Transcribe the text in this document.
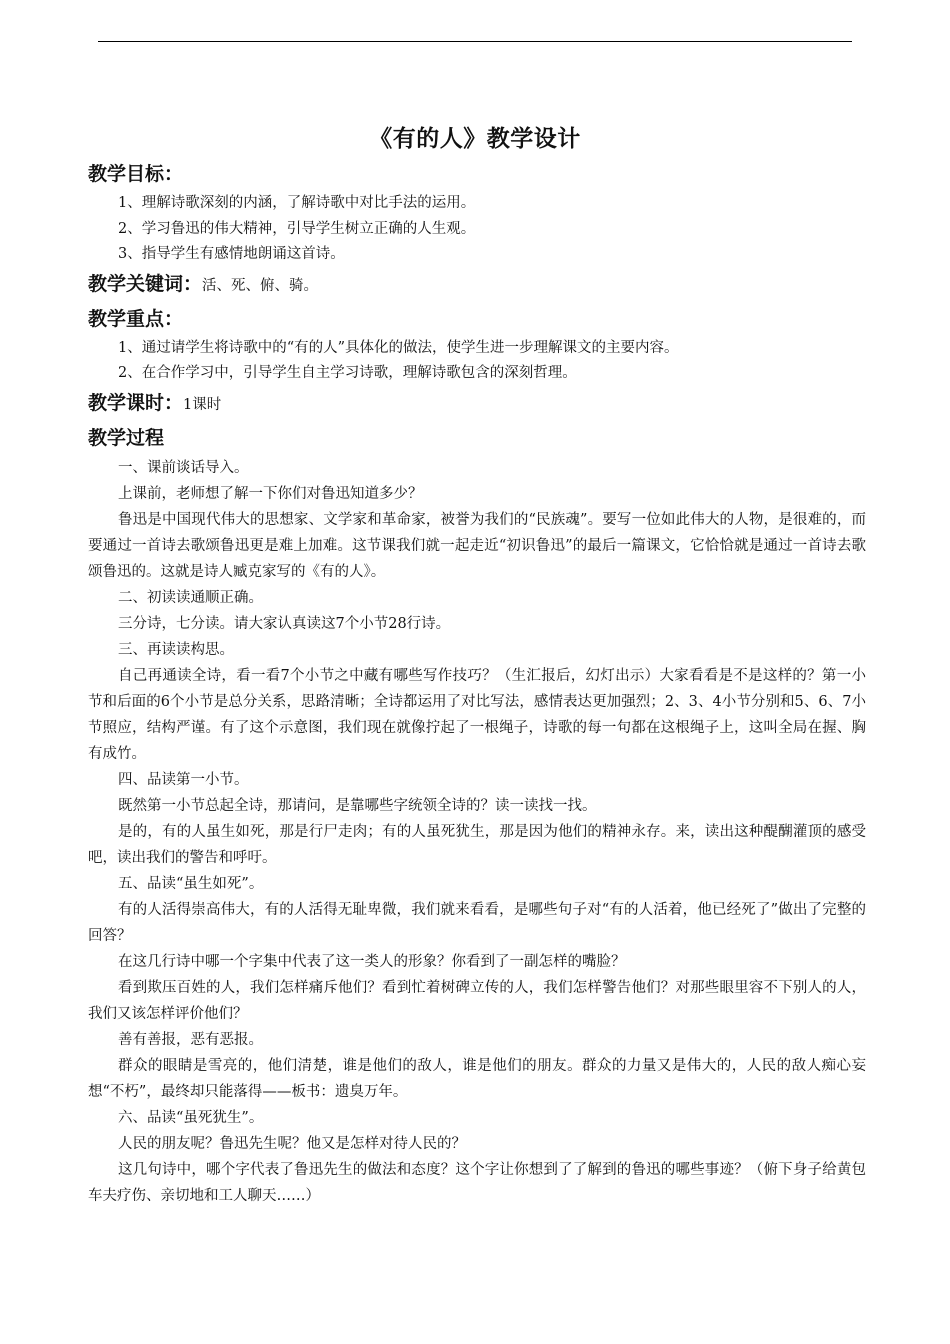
《有的人》教学设计
教学目标：

1、理解诗歌深刻的内涵，了解诗歌中对比手法的运用。

2、学习鲁迅的伟大精神，引导学生树立正确的人生观。

3、指导学生有感情地朗诵这首诗。

教学关键词：活、死、俯、骑。
教学重点：

1、通过请学生将诗歌中的“有的人”具体化的做法，使学生进一步理解课文的主要内容。

2、在合作学习中，引导学生自主学习诗歌，理解诗歌包含的深刻哲理。

教学课时：1课时
教学过程

一、课前谈话导入。

上课前，老师想了解一下你们对鲁迅知道多少？

鲁迅是中国现代伟大的思想家、文学家和革命家，被誉为我们的“民族魂”。要写一位如此伟大的人物，是很难的，而要通过一首诗去歌颂鲁迅更是难上加难。这节课我们就一起走近“初识鲁迅”的最后一篇课文，它恰恰就是通过一首诗去歌颂鲁迅的。这就是诗人臧克家写的《有的人》。

二、初读读通顺正确。

三分诗，七分读。请大家认真读这7个小节28行诗。

三、再读读构思。

自己再通读全诗，看一看7个小节之中藏有哪些写作技巧？（生汇报后，幻灯出示）大家看看是不是这样的？第一小节和后面的6个小节是总分关系，思路清晰；全诗都运用了对比写法，感情表达更加强烈；2、3、4小节分别和5、6、7小节照应，结构严谨。有了这个示意图，我们现在就像拧起了一根绳子，诗歌的每一句都在这根绳子上，这叫全局在握、胸有成竹。

四、品读第一小节。

既然第一小节总起全诗，那请问，是靠哪些字统领全诗的？读一读找一找。

是的，有的人虽生如死，那是行尸走肉；有的人虽死犹生，那是因为他们的精神永存。来，读出这种醍醐灌顶的感受吧，读出我们的警告和呼吁。

五、品读“虽生如死”。

有的人活得崇高伟大，有的人活得无耻卑微，我们就来看看，是哪些句子对“有的人活着，他已经死了”做出了完整的回答？

在这几行诗中哪一个字集中代表了这一类人的形象？你看到了一副怎样的嘴脸？

看到欺压百姓的人，我们怎样痛斥他们？看到忙着树碑立传的人，我们怎样警告他们？对那些眼里容不下别人的人，我们又该怎样评价他们？

善有善报，恶有恶报。

群众的眼睛是雪亮的，他们清楚，谁是他们的敌人，谁是他们的朋友。群众的力量又是伟大的，人民的敌人痴心妄想“不朽”，最终却只能落得——板书：遗臭万年。

六、品读“虽死犹生”。

人民的朋友呢？鲁迅先生呢？他又是怎样对待人民的？

这几句诗中，哪个字代表了鲁迅先生的做法和态度？这个字让你想到了了解到的鲁迅的哪些事迹？（俯下身子给黄包车夫疗伤、亲切地和工人聊天……）
